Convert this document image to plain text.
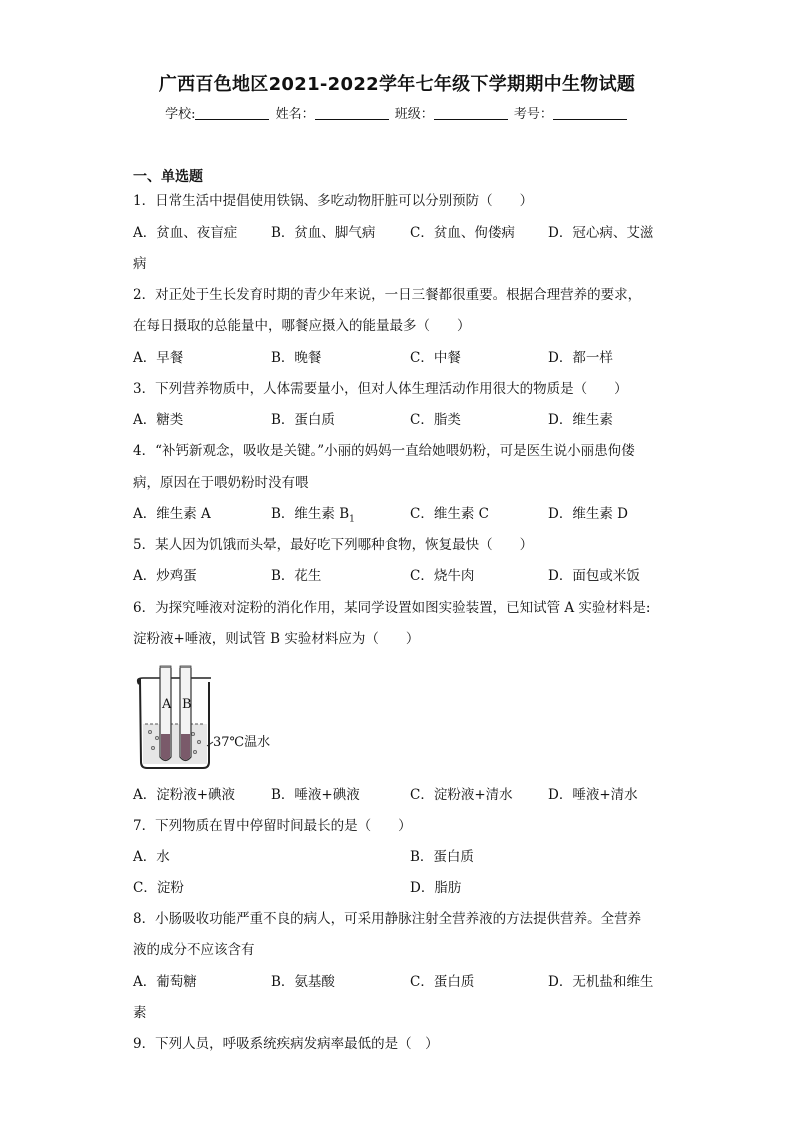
广西百色地区2021-2022学年七年级下学期期中生物试题
学校:	姓名：	班级：	考号：
一、单选题
1．日常生活中提倡使用铁锅、多吃动物肝脏可以分别预防（　　）
A．贫血、夜盲症	B．贫血、脚气病	C．贫血、佝偻病 D．冠心病、艾滋
病
2．对正处于生长发育时期的青少年来说，一日三餐都很重要。根据合理营养的要求，
在每日摄取的总能量中，哪餐应摄入的能量最多（　　）
A．早餐	B．晚餐	C．中餐	D．都一样
3．下列营养物质中，人体需要量小，但对人体生理活动作用很大的物质是（　　）
A．糖类	B．蛋白质	C．脂类	D．维生素
4．“补钙新观念，吸收是关键。”小丽的妈妈一直给她喂奶粉，可是医生说小丽患佝偻
病，原因在于喂奶粉时没有喂
A．维生素 A	B．维生素 $B_1$	C．维生素 C	D．维生素 D
5．某人因为饥饿而头晕，最好吃下列哪种食物，恢复最快（　　）
A．炒鸡蛋	B．花生	C．烧牛肉	D．面包或米饭
6．为探究唾液对淀粉的消化作用，某同学设置如图实验装置，已知试管 A 实验材料是:
淀粉液+唾液，则试管 B 实验材料应为（　　）
A B
37℃温水
A．淀粉液+碘液	B．唾液+碘液	C．淀粉液+清水	D．唾液+清水
7．下列物质在胃中停留时间最长的是（　　）
A．水	B．蛋白质
C．淀粉	D．脂肪
8．小肠吸收功能严重不良的病人，可采用静脉注射全营养液的方法提供营养。全营养
液的成分不应该含有
A．葡萄糖	B．氨基酸	C．蛋白质	D．无机盐和维生
素
9．下列人员，呼吸系统疾病发病率最低的是（　）
